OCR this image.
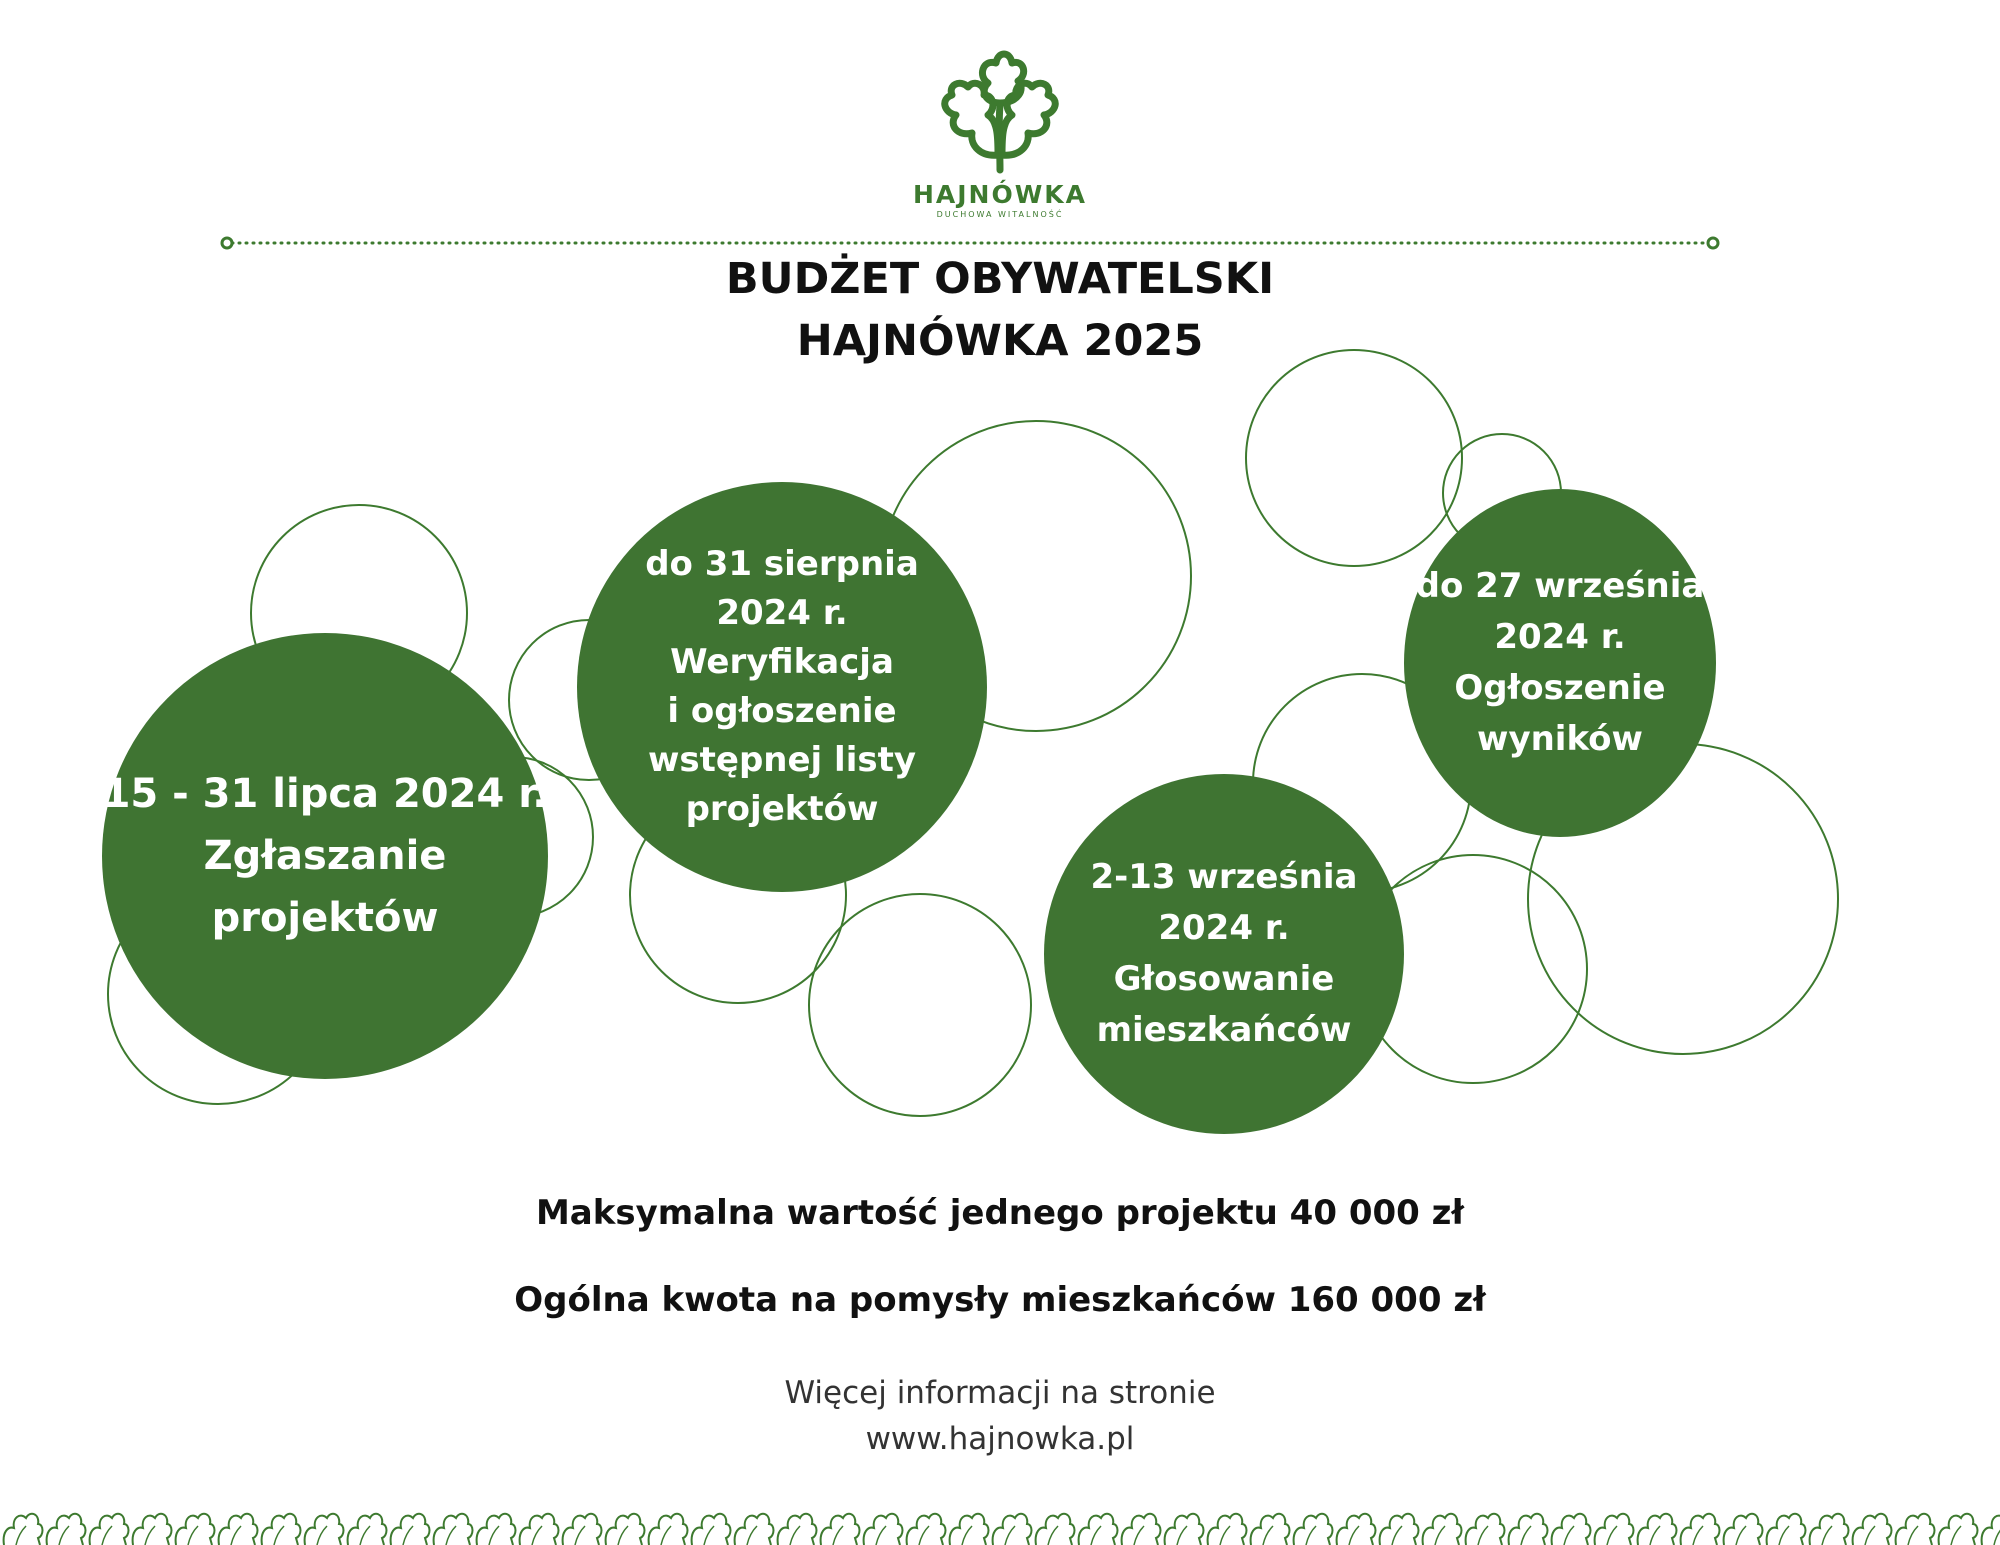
HAJNÓWKA
DUCHOWA WITALNOŚĆ
BUDŻET OBYWATELSKI
HAJNÓWKA 2025
15 - 31 lipca 2024 r.
Zgłaszanie
projektów
do 31 sierpnia
2024 r.
Weryfikacja
i ogłoszenie
wstępnej listy
projektów
2-13 września
2024 r.
Głosowanie
mieszkańców
do 27 września
2024 r.
Ogłoszenie
wyników
Maksymalna wartość jednego projektu 40 000 zł
Ogólna kwota na pomysły mieszkańców 160 000 zł
Więcej informacji na stronie
www.hajnowka.pl
